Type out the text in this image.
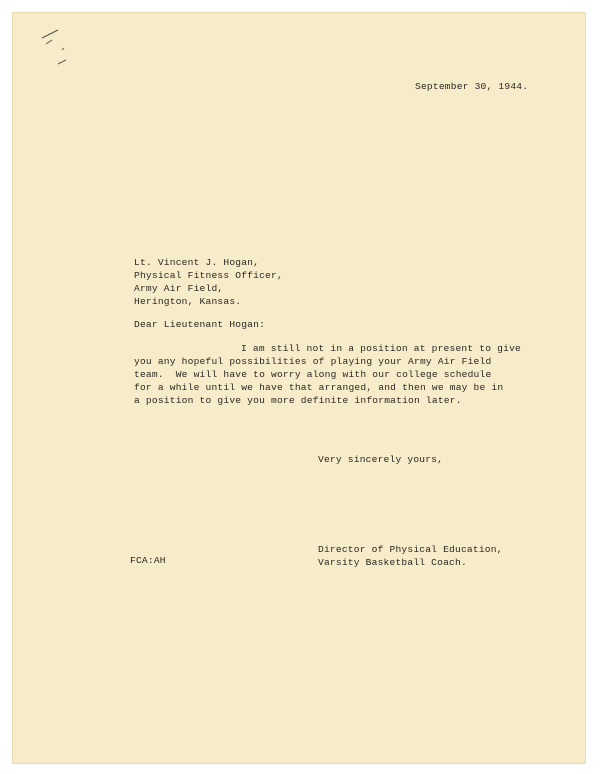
September 30, 1944.
Lt. Vincent J. Hogan,
Physical Fitness Officer,
Army Air Field,
Herington, Kansas.
Dear Lieutenant Hogan:
I am still not in a position at present to give
you any hopeful possibilities of playing your Army Air Field
team.  We will have to worry along with our college schedule
for a while until we have that arranged, and then we may be in
a position to give you more definite information later.
Very sincerely yours,
Director of Physical Education,
Varsity Basketball Coach.
FCA:AH
